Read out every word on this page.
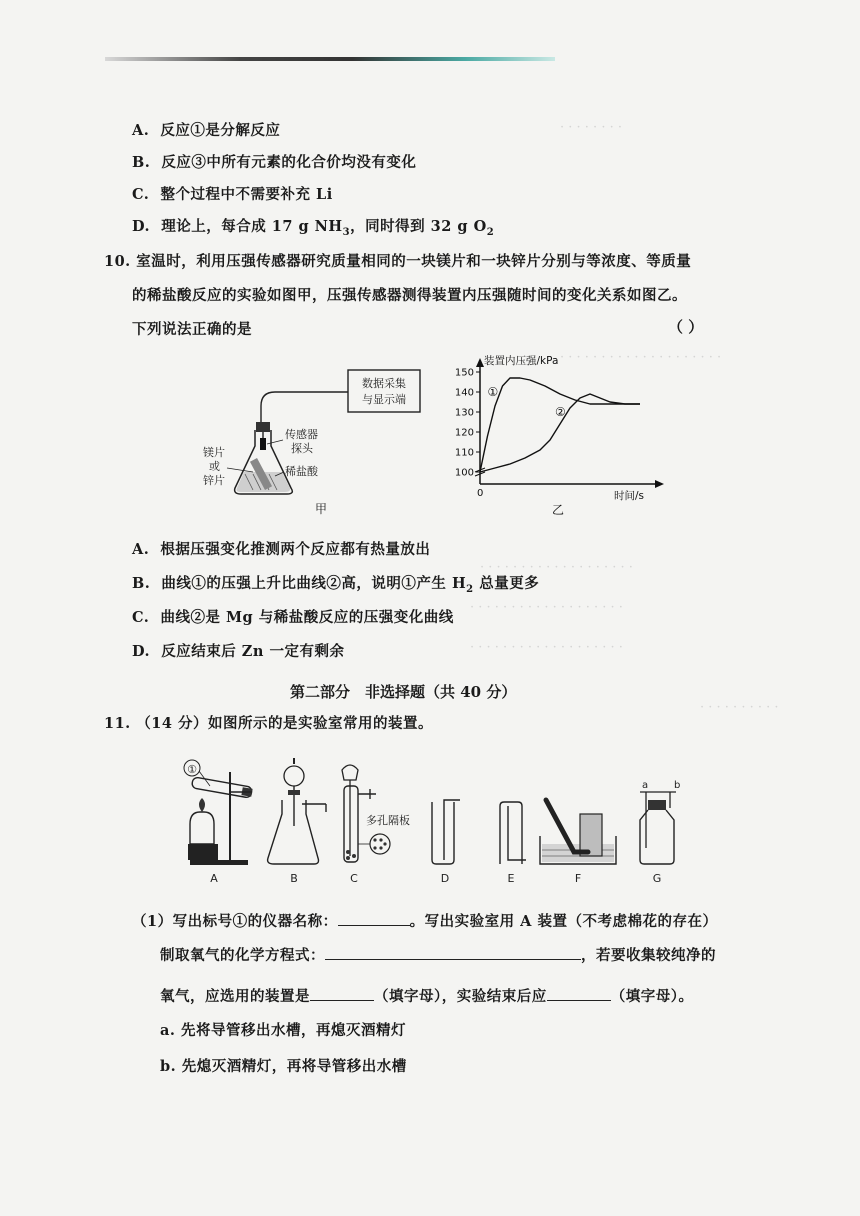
· · · · · · · ·
· · · · · · · · · · · · · · · · · · · ·
· · · · · · · · · · · · · · · · · · ·
· · · · · · · · · · · · · · · · · · ·
· · · · · · · · · · · · · · · · · · ·
· · · · · · · · · ·
A. 反应①是分解反应
B. 反应③中所有元素的化合价均没有变化
C. 整个过程中不需要补充 Li
D. 理论上，每合成 17 g $NH_3$，同时得到 32 g $O_2$
10. 室温时，利用压强传感器研究质量相同的一块镁片和一块锌片分别与等浓度、等质量
的稀盐酸反应的实验如图甲，压强传感器测得装置内压强随时间的变化关系如图乙。
下列说法正确的是	（ ）
数据采集
与显示端
传感器
探头
稀盐酸
镁片
或
锌片
甲
装置内压强/kPa
时间/s
0
乙
100
110
120
130
140
150
①
②
A. 根据压强变化推测两个反应都有热量放出
B. 曲线①的压强上升比曲线②高，说明①产生 $H_2$ 总量更多
C. 曲线②是 Mg 与稀盐酸反应的压强变化曲线
D. 反应结束后 Zn 一定有剩余
第二部分　非选择题（共 40 分）
11. （14 分）如图所示的是实验室常用的装置。
①
A	B
多孔隔板
C	D	E	F
a	b
G
（1）写出标号①的仪器名称：	。写出实验室用 A 装置（不考虑棉花的存在）
制取氧气的化学方程式：	，若要收集较纯净的
氧气，应选用的装置是	（填字母），实验结束后应	（填字母）。
a. 先将导管移出水槽，再熄灭酒精灯
b. 先熄灭酒精灯，再将导管移出水槽
